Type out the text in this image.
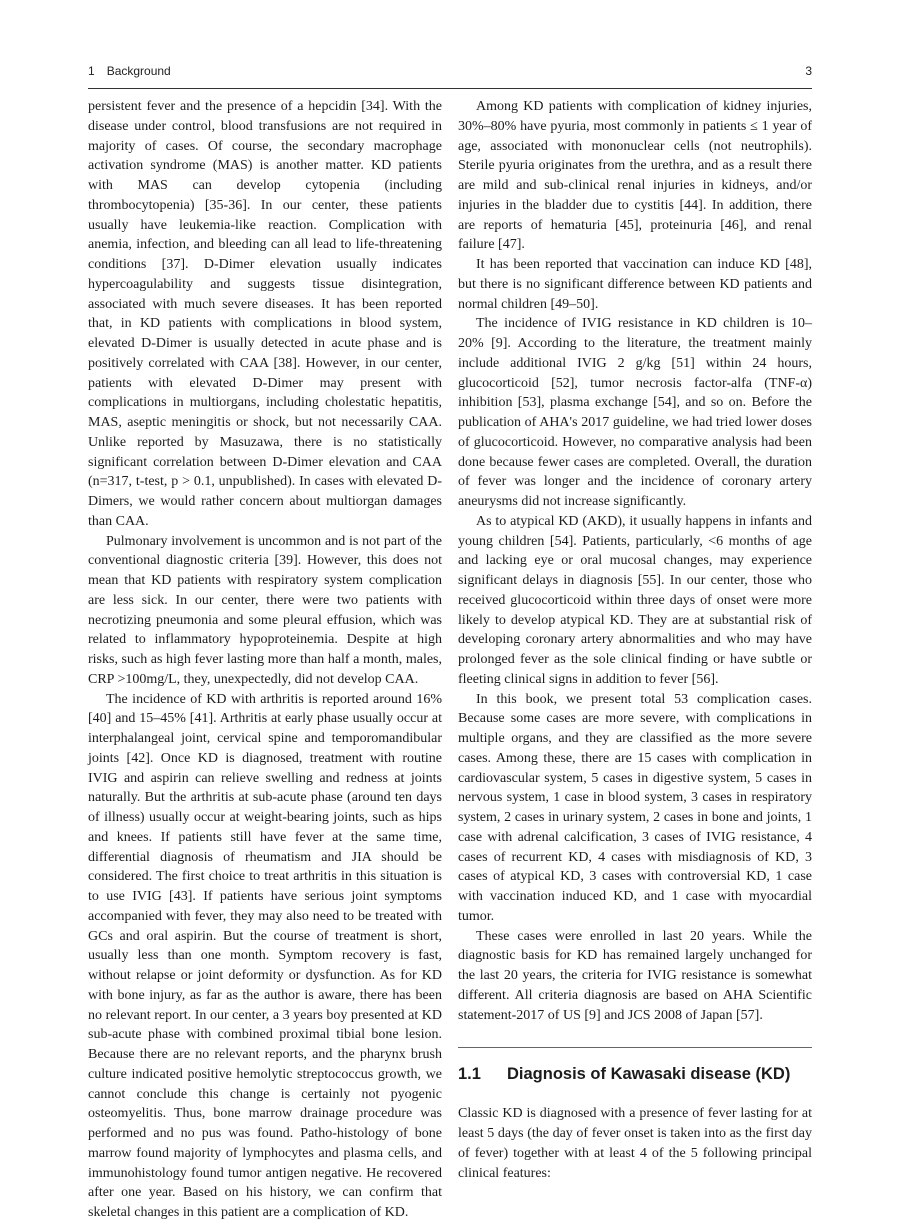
1 Background	3

persistent fever and the presence of a hepcidin [34]. With the disease under control, blood transfusions are not required in majority of cases. Of course, the secondary macrophage activation syndrome (MAS) is another matter. KD patients with MAS can develop cytopenia (including thrombocytopenia) [35-36]. In our center, these patients usually have leukemia-like reaction. Complication with anemia, infection, and bleeding can all lead to life-threatening conditions [37]. D-Dimer elevation usually indicates hypercoagulability and suggests tissue disintegration, associated with much severe diseases. It has been reported that, in KD patients with complications in blood system, elevated D-Dimer is usually detected in acute phase and is positively correlated with CAA [38]. However, in our center, patients with elevated D-Dimer may present with complications in multiorgans, including cholestatic hepatitis, MAS, aseptic meningitis or shock, but not necessarily CAA. Unlike reported by Masuzawa, there is no statistically significant correlation between D-Dimer elevation and CAA (n=317, t-test, p > 0.1, unpublished). In cases with elevated D-Dimers, we would rather concern about multiorgan damages than CAA.

Pulmonary involvement is uncommon and is not part of the conventional diagnostic criteria [39]. However, this does not mean that KD patients with respiratory system complication are less sick. In our center, there were two patients with necrotizing pneumonia and some pleural effusion, which was related to inflammatory hypoproteinemia. Despite at high risks, such as high fever lasting more than half a month, males, CRP >100mg/L, they, unexpectedly, did not develop CAA.

The incidence of KD with arthritis is reported around 16% [40] and 15–45% [41]. Arthritis at early phase usually occur at interphalangeal joint, cervical spine and temporomandibular joints [42]. Once KD is diagnosed, treatment with routine IVIG and aspirin can relieve swelling and redness at joints naturally. But the arthritis at sub-acute phase (around ten days of illness) usually occur at weight-bearing joints, such as hips and knees. If patients still have fever at the same time, differential diagnosis of rheumatism and JIA should be considered. The first choice to treat arthritis in this situation is to use IVIG [43]. If patients have serious joint symptoms accompanied with fever, they may also need to be treated with GCs and oral aspirin. But the course of treatment is short, usually less than one month. Symptom recovery is fast, without relapse or joint deformity or dysfunction. As for KD with bone injury, as far as the author is aware, there has been no relevant report. In our center, a 3 years boy presented at KD sub-acute phase with combined proximal tibial bone lesion. Because there are no relevant reports, and the pharynx brush culture indicated positive hemolytic streptococcus growth, we cannot conclude this change is certainly not pyogenic osteomyelitis. Thus, bone marrow drainage procedure was performed and no pus was found. Patho-histology of bone marrow found majority of lymphocytes and plasma cells, and immunohistology found tumor antigen negative. He recovered after one year. Based on his history, we can confirm that skeletal changes in this patient are a complication of KD.

Among KD patients with complication of kidney injuries, 30%–80% have pyuria, most commonly in patients ≤ 1 year of age, associated with mononuclear cells (not neutrophils). Sterile pyuria originates from the urethra, and as a result there are mild and sub-clinical renal injuries in kidneys, and/or injuries in the bladder due to cystitis [44]. In addition, there are reports of hematuria [45], proteinuria [46], and renal failure [47].

It has been reported that vaccination can induce KD [48], but there is no significant difference between KD patients and normal children [49–50].

The incidence of IVIG resistance in KD children is 10–20% [9]. According to the literature, the treatment mainly include additional IVIG 2 g/kg [51] within 24 hours, glucocorticoid [52], tumor necrosis factor-alfa (TNF-α) inhibition [53], plasma exchange [54], and so on. Before the publication of AHA's 2017 guideline, we had tried lower doses of glucocorticoid. However, no comparative analysis had been done because fewer cases are completed. Overall, the duration of fever was longer and the incidence of coronary artery aneurysms did not increase significantly.

As to atypical KD (AKD), it usually happens in infants and young children [54]. Patients, particularly, <6 months of age and lacking eye or oral mucosal changes, may experience significant delays in diagnosis [55]. In our center, those who received glucocorticoid within three days of onset were more likely to develop atypical KD. They are at substantial risk of developing coronary artery abnormalities and who may have prolonged fever as the sole clinical finding or have subtle or fleeting clinical signs in addition to fever [56].

In this book, we present total 53 complication cases. Because some cases are more severe, with complications in multiple organs, and they are classified as the more severe cases. Among these, there are 15 cases with complication in cardiovascular system, 5 cases in digestive system, 5 cases in nervous system, 1 case in blood system, 3 cases in respiratory system, 2 cases in urinary system, 2 cases in bone and joints, 1 case with adrenal calcification, 3 cases of IVIG resistance, 4 cases of recurrent KD, 4 cases with misdiagnosis of KD, 3 cases of atypical KD, 3 cases with controversial KD, 1 case with vaccination induced KD, and 1 case with myocardial tumor.

These cases were enrolled in last 20 years. While the diagnostic basis for KD has remained largely unchanged for the last 20 years, the criteria for IVIG resistance is somewhat different. All criteria diagnosis are based on AHA Scientific statement-2017 of US [9] and JCS 2008 of Japan [57].

1.1 Diagnosis of Kawasaki disease (KD)

Classic KD is diagnosed with a presence of fever lasting for at least 5 days (the day of fever onset is taken into as the first day of fever) together with at least 4 of the 5 following principal clinical features:
